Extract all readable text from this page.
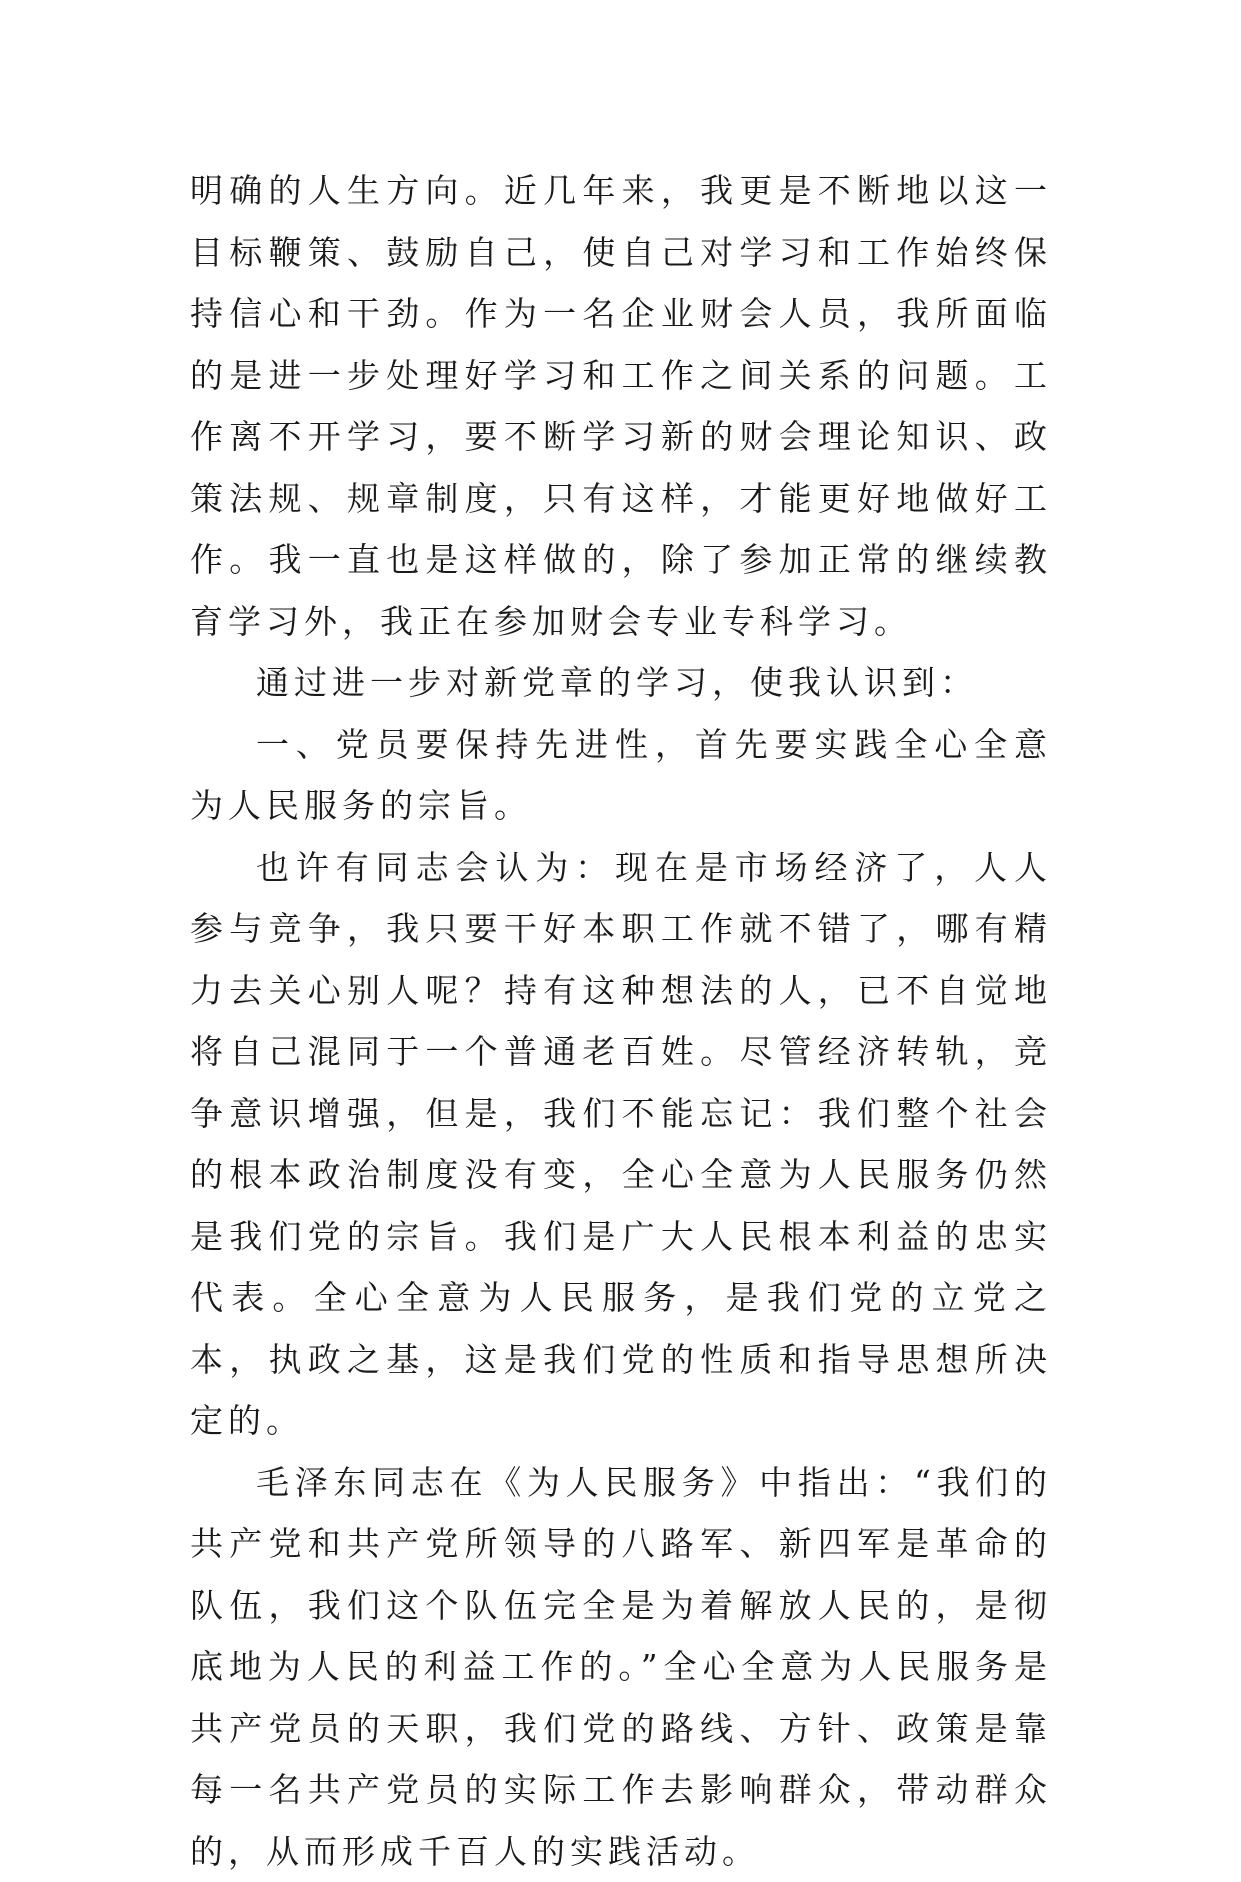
明确的人生方向。近几年来，我更是不断地以这一目标鞭策、鼓励自己，使自己对学习和工作始终保持信心和干劲。作为一名企业财会人员，我所面临的是进一步处理好学习和工作之间关系的问题。工作离不开学习，要不断学习新的财会理论知识、政策法规、规章制度，只有这样，才能更好地做好工作。我一直也是这样做的，除了参加正常的继续教育学习外，我正在参加财会专业专科学习。

通过进一步对新党章的学习，使我认识到：

一、党员要保持先进性，首先要实践全心全意为人民服务的宗旨。

也许有同志会认为：现在是市场经济了，人人参与竞争，我只要干好本职工作就不错了，哪有精力去关心别人呢？持有这种想法的人，已不自觉地将自己混同于一个普通老百姓。尽管经济转轨，竞争意识增强，但是，我们不能忘记：我们整个社会的根本政治制度没有变，全心全意为人民服务仍然是我们党的宗旨。我们是广大人民根本利益的忠实代表。全心全意为人民服务，是我们党的立党之本，执政之基，这是我们党的性质和指导思想所决定的。

毛泽东同志在《为人民服务》中指出：“我们的共产党和共产党所领导的八路军、新四军是革命的队伍，我们这个队伍完全是为着解放人民的，是彻底地为人民的利益工作的。”全心全意为人民服务是共产党员的天职，我们党的路线、方针、政策是靠每一名共产党员的实际工作去影响群众，带动群众的，从而形成千百人的实践活动。
